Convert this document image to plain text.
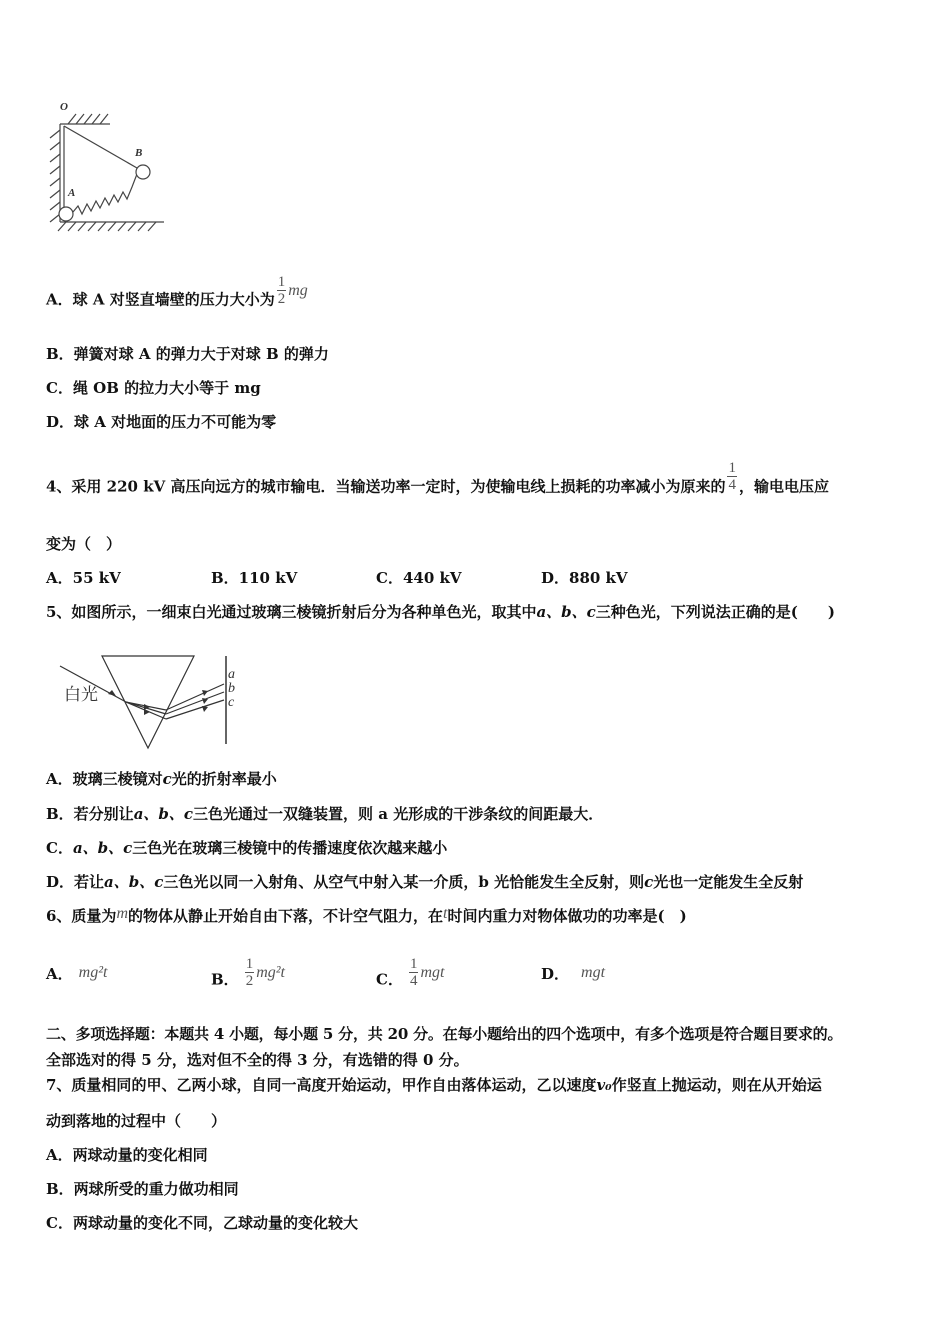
O
B
A
A．球 A 对竖直墙壁的压力大小为 $\frac{1}{2}$ mg
B．弹簧对球 A 的弹力大于对球 B 的弹力
C．绳 OB 的拉力大小等于 mg
D．球 A 对地面的压力不可能为零
4、采用 220 kV 高压向远方的城市输电．当输送功率一定时，为使输电线上损耗的功率减小为原来的 $\frac{1}{4}$ ，输电电压应
变为（　）
A．55 kV	B．110 kV	C．440 kV	D．880 kV
5、如图所示，一细束白光通过玻璃三棱镜折射后分为各种单色光，取其中a、b、c三种色光，下列说法正确的是(　　)
白光
a
b
c
A．玻璃三棱镜对c光的折射率最小
B．若分别让a、b、c三色光通过一双缝装置，则 a 光形成的干涉条纹的间距最大．
C．a、b、c三色光在玻璃三棱镜中的传播速度依次越来越小
D．若让a、b、c三色光以同一入射角、从空气中射入某一介质，b 光恰能发生全反射，则c光也一定能发生全反射
6、质量为m的物体从静止开始自由下落，不计空气阻力，在t时间内重力对物体做功的功率是(　)
A． mg²t	B． $\frac{1}{2} mg^2t$	C． $\frac{1}{4}$ mgt	D． mgt
二、多项选择题：本题共 4 小题，每小题 5 分，共 20 分。在每小题给出的四个选项中，有多个选项是符合题目要求的。
全部选对的得 5 分，选对但不全的得 3 分，有选错的得 0 分。
7、质量相同的甲、乙两小球，自同一高度开始运动，甲作自由落体运动，乙以速度v₀作竖直上抛运动，则在从开始运
动到落地的过程中（　　）
A．两球动量的变化相同
B．两球所受的重力做功相同
C．两球动量的变化不同，乙球动量的变化较大
